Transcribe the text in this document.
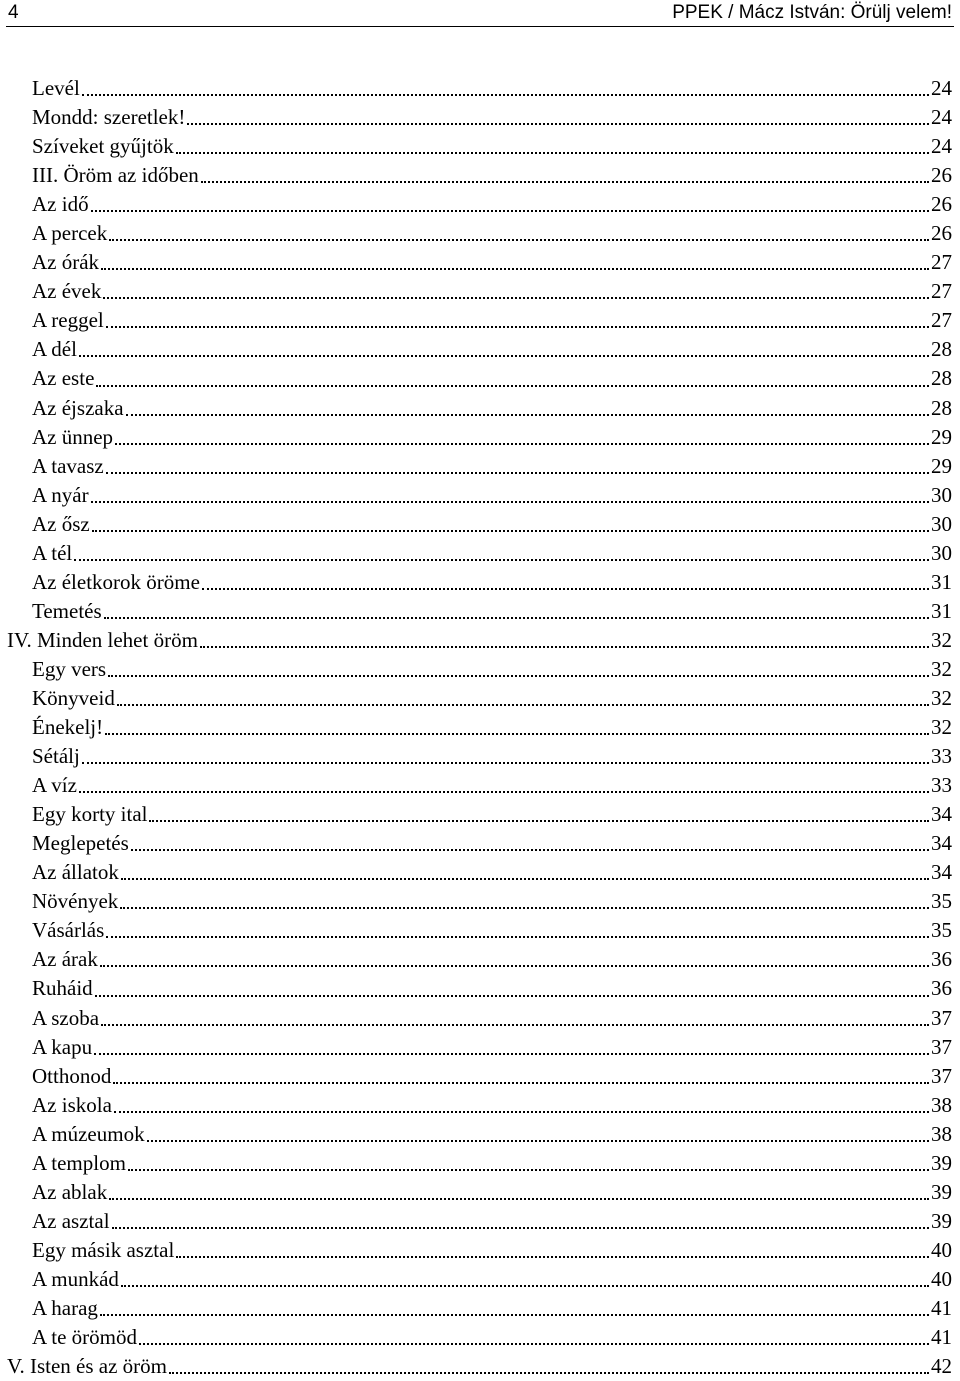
4	PPEK / Mácz István: Örülj velem!
Levél	24
Mondd: szeretlek!	24
Szíveket gyűjtök	24
III. Öröm az időben	26
Az idő	26
A percek	26
Az órák	27
Az évek	27
A reggel	27
A dél	28
Az este	28
Az éjszaka	28
Az ünnep	29
A tavasz	29
A nyár	30
Az ősz	30
A tél	30
Az életkorok öröme	31
Temetés	31
IV. Minden lehet öröm	32
Egy vers	32
Könyveid	32
Énekelj!	32
Sétálj	33
A víz	33
Egy korty ital	34
Meglepetés	34
Az állatok	34
Növények	35
Vásárlás	35
Az árak	36
Ruháid	36
A szoba	37
A kapu	37
Otthonod	37
Az iskola	38
A múzeumok	38
A templom	39
Az ablak	39
Az asztal	39
Egy másik asztal	40
A munkád	40
A harag	41
A te örömöd	41
V. Isten és az öröm	42
